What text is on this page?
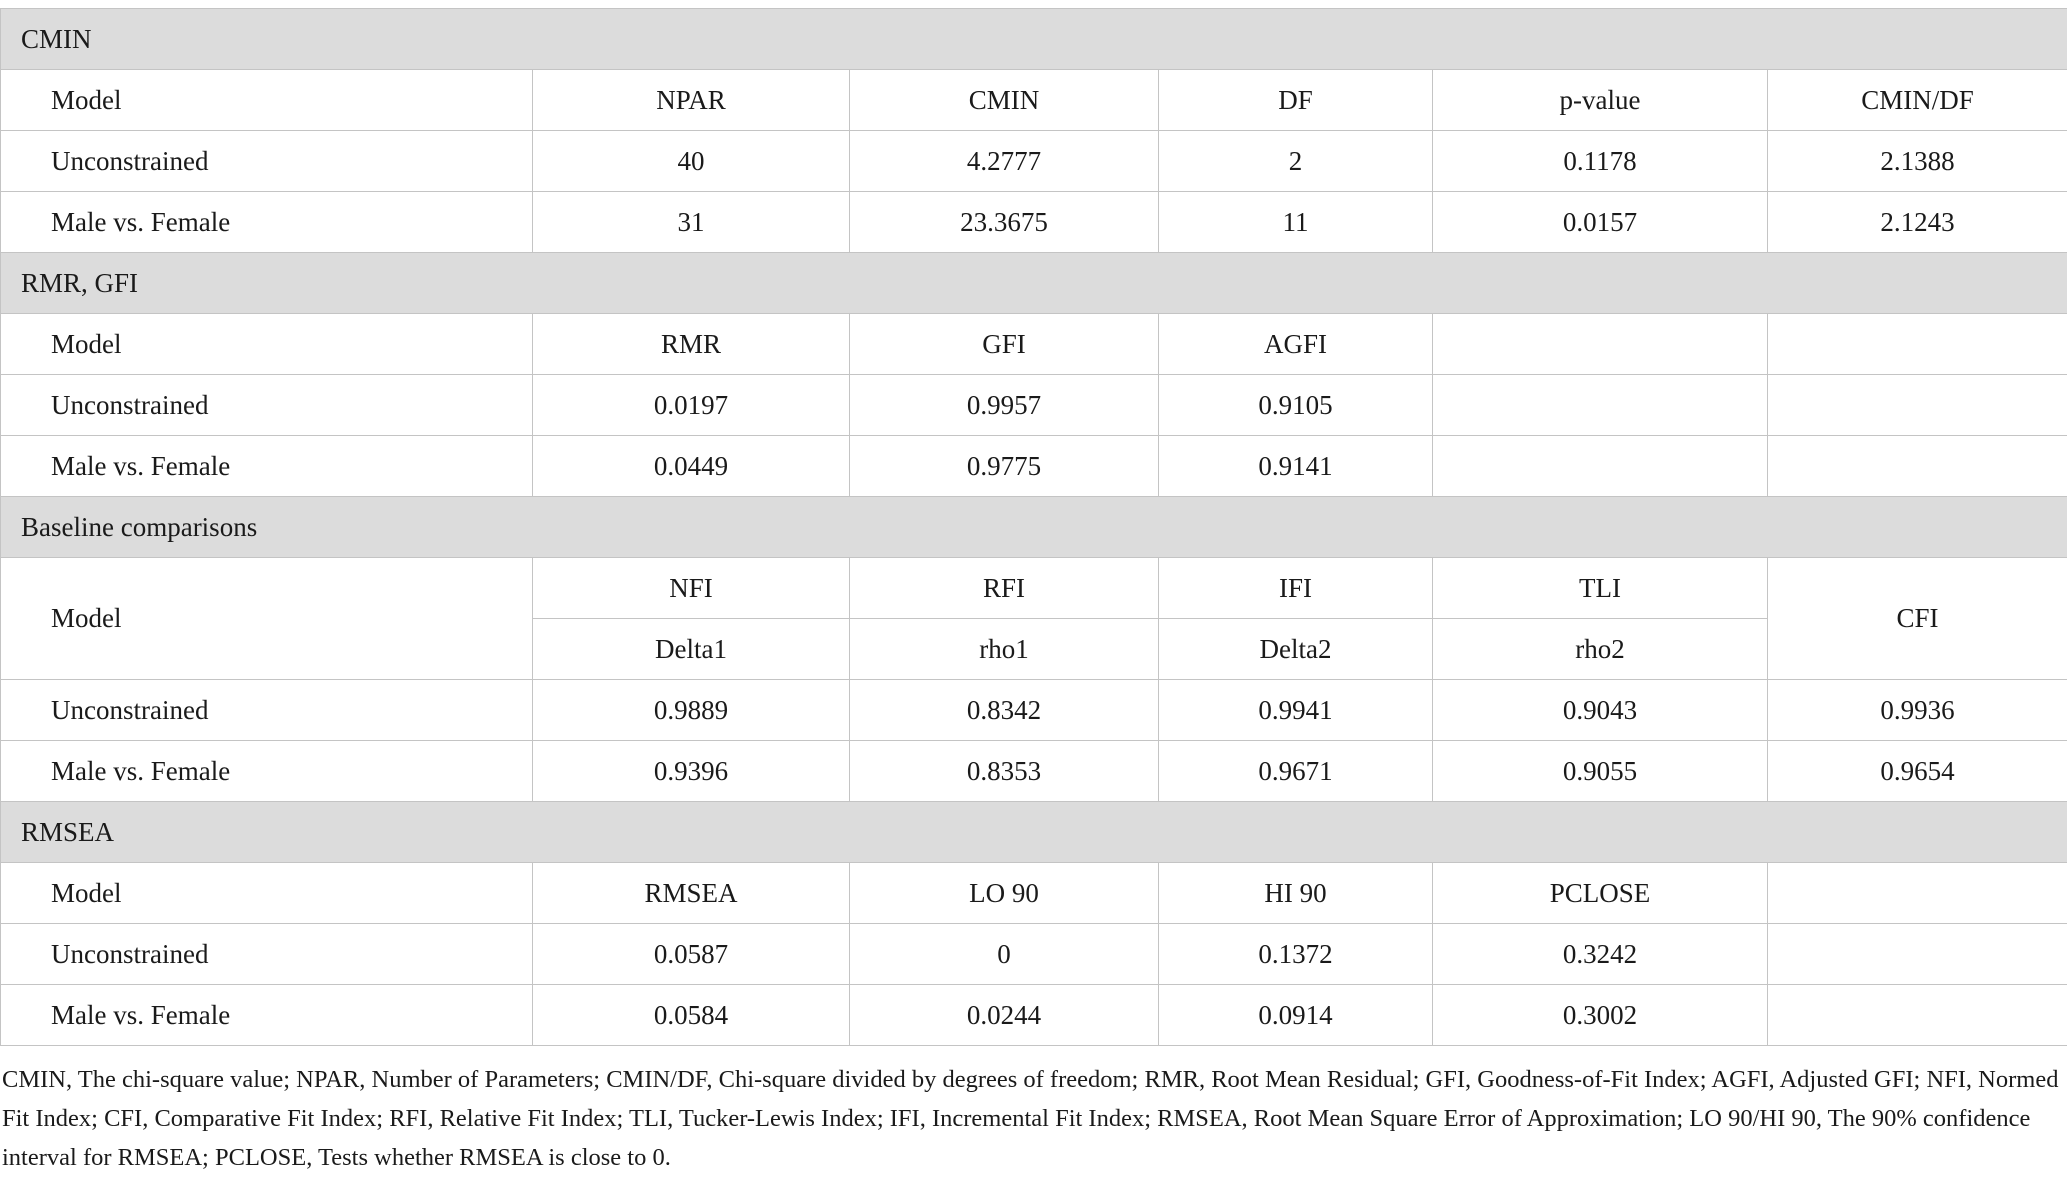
CMIN					
Model	NPAR	CMIN	DF	p-value	CMIN/DF
Unconstrained	40	4.2777	2	0.1178	2.1388
Male vs. Female	31	23.3675	11	0.0157	2.1243
RMR, GFI					
Model	RMR	GFI	AGFI		
Unconstrained	0.0197	0.9957	0.9105		
Male vs. Female	0.0449	0.9775	0.9141		
Baseline comparisons					
Model	NFI	RFI	IFI	TLI	CFI
	Delta1	rho1	Delta2	rho2	
Unconstrained	0.9889	0.8342	0.9941	0.9043	0.9936
Male vs. Female	0.9396	0.8353	0.9671	0.9055	0.9654
RMSEA					
Model	RMSEA	LO 90	HI 90	PCLOSE	
Unconstrained	0.0587	0	0.1372	0.3242	
Male vs. Female	0.0584	0.0244	0.0914	0.3002	

CMIN, The chi-square value; NPAR, Number of Parameters; CMIN/DF, Chi-square divided by degrees of freedom; RMR, Root Mean Residual; GFI, Goodness-of-Fit Index; AGFI, Adjusted GFI; NFI, Normed Fit Index; CFI, Comparative Fit Index; RFI, Relative Fit Index; TLI, Tucker-Lewis Index; IFI, Incremental Fit Index; RMSEA, Root Mean Square Error of Approximation; LO 90/HI 90, The 90% confidence interval for RMSEA; PCLOSE, Tests whether RMSEA is close to 0.
